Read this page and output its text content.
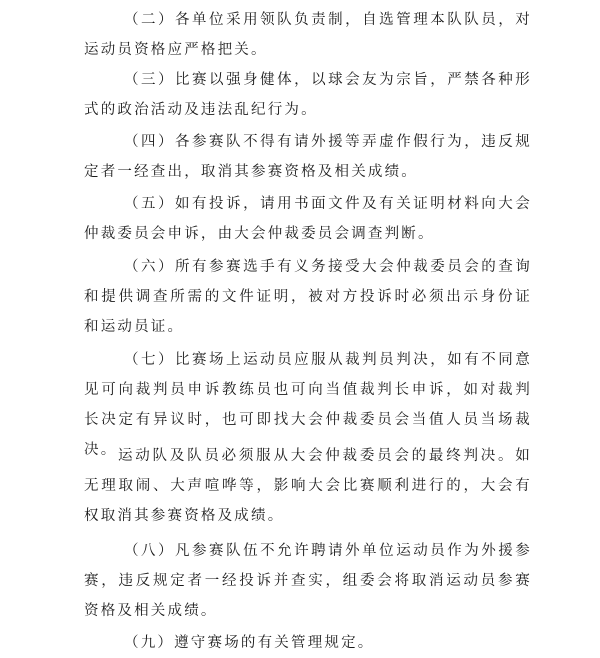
（二）各单位采用领队负责制，自选管理本队队员，对运动员资格应严格把关。

（三）比赛以强身健体，以球会友为宗旨，严禁各种形式的政治活动及违法乱纪行为。

（四）各参赛队不得有请外援等弄虚作假行为，违反规定者一经查出，取消其参赛资格及相关成绩。

（五）如有投诉，请用书面文件及有关证明材料向大会仲裁委员会申诉，由大会仲裁委员会调查判断。

（六）所有参赛选手有义务接受大会仲裁委员会的查询和提供调查所需的文件证明，被对方投诉时必须出示身份证和运动员证。

（七）比赛场上运动员应服从裁判员判决，如有不同意见可向裁判员申诉教练员也可向当值裁判长申诉，如对裁判长决定有异议时，也可即找大会仲裁委员会当值人员当场裁决。 运动队及队员必须服从大会仲裁委员会的最终判决。如无理取闹、大声喧哗等，影响大会比赛顺利进行的，大会有权取消其参赛资格及成绩。

（八）凡参赛队伍不允许聘请外单位运动员作为外援参赛，违反规定者一经投诉并查实，组委会将取消运动员参赛资格及相关成绩。

（九）遵守赛场的有关管理规定。
